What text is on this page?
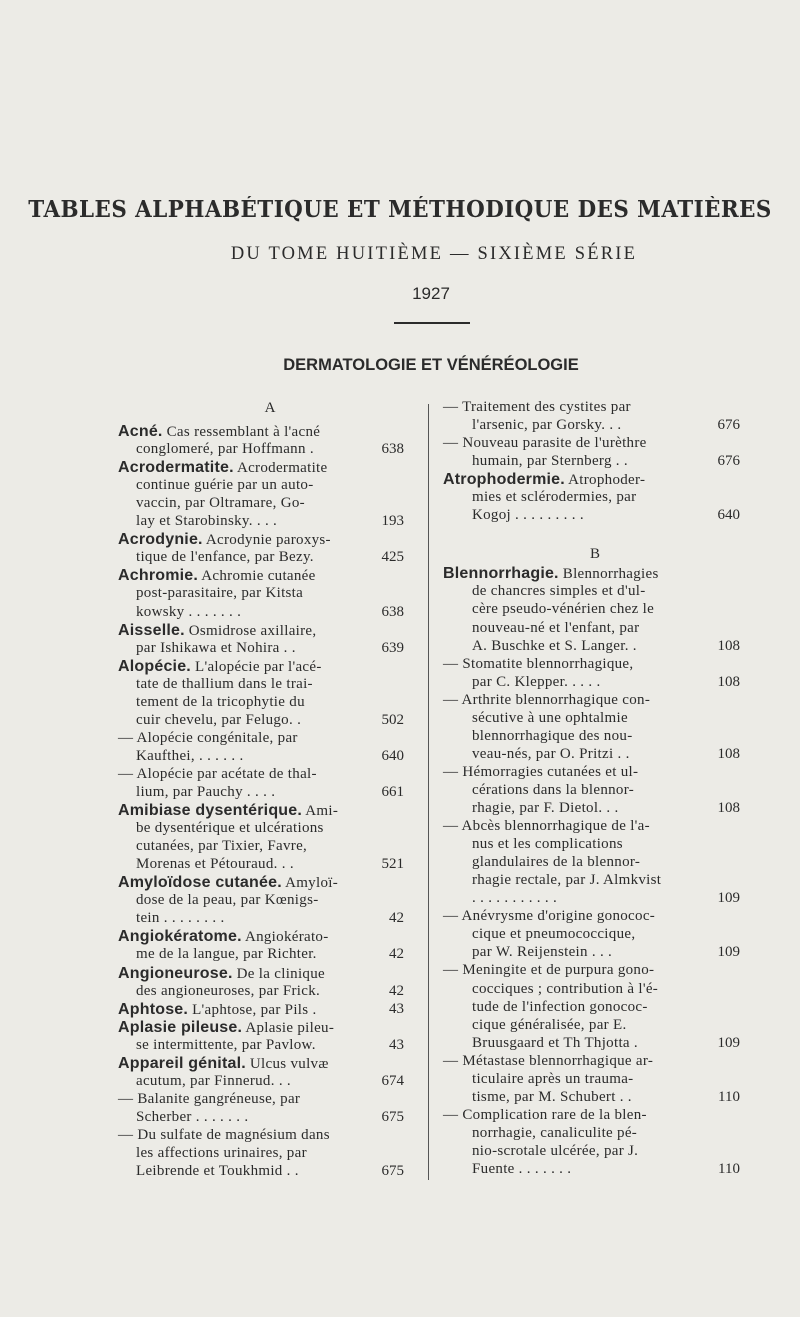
TABLES ALPHABÉTIQUE ET MÉTHODIQUE DES MATIÈRES
DU TOME HUITIÈME — SIXIÈME SÉRIE
1927
DERMATOLOGIE ET VÉNÉRÉOLOGIE
A
B
Acné. Cas ressemblant à l'acné
conglomeré, par Hoffmann .	638
Acrodermatite. Acrodermatite
continue guérie par un auto-
vaccin, par Oltramare, Go-
lay et Starobinsky. . . .	193
Acrodynie. Acrodynie paroxys-
tique de l'enfance, par Bezy.	425
Achromie. Achromie cutanée
post-parasitaire, par Kitsta
kowsky . . . . . . .	638
Aisselle. Osmidrose axillaire,
par Ishikawa et Nohira . .	639
Alopécie. L'alopécie par l'acé-
tate de thallium dans le trai-
tement de la tricophytie du
cuir chevelu, par Felugo. .	502
— Alopécie congénitale, par
Kaufthei, . . . . . .	640
— Alopécie par acétate de thal-
lium, par Pauchy . . . .	661
Amibiase dysentérique. Ami-
be dysentérique et ulcérations
cutanées, par Tixier, Favre,
Morenas et Pétouraud. . .	521
Amyloïdose cutanée. Amyloï-
dose de la peau, par Kœnigs-
tein . . . . . . . .	42
Angiokératome. Angiokérato-
me de la langue, par Richter.	42
Angioneurose. De la clinique
des angioneuroses, par Frick.	42
Aphtose. L'aphtose, par Pils .	43
Aplasie pileuse. Aplasie pileu-
se intermittente, par Pavlow.	43
Appareil génital. Ulcus vulvæ
acutum, par Finnerud. . .	674
— Balanite gangréneuse, par
Scherber . . . . . . .	675
— Du sulfate de magnésium dans
les affections urinaires, par
Leibrende et Toukhmid . .	675
— Traitement des cystites par
l'arsenic, par Gorsky. . .	676
— Nouveau parasite de l'urèthre
humain, par Sternberg . .	676
Atrophodermie. Atrophoder-
mies et sclérodermies, par
Kogoj . . . . . . . . .	640
Blennorrhagie. Blennorrhagies
de chancres simples et d'ul-
cère pseudo-vénérien chez le
nouveau-né et l'enfant, par
A. Buschke et S. Langer. .	108
— Stomatite blennorrhagique,
par C. Klepper. . . . .	108
— Arthrite blennorrhagique con-
sécutive à une ophtalmie
blennorrhagique des nou-
veau-nés, par O. Pritzi . .	108
— Hémorragies cutanées et ul-
cérations dans la blennor-
rhagie, par F. Dietol. . .	108
— Abcès blennorrhagique de l'a-
nus et les complications
glandulaires de la blennor-
rhagie rectale, par J. Almkvist
. . . . . . . . . . .	109
— Anévrysme d'origine gonococ-
cique et pneumococcique,
par W. Reijenstein . . .	109
— Meningite et de purpura gono-
cocciques ; contribution à l'é-
tude de l'infection gonococ-
cique généralisée, par E.
Bruusgaard et Th Thjotta .	109
— Métastase blennorrhagique ar-
ticulaire après un trauma-
tisme, par M. Schubert . .	110
— Complication rare de la blen-
norrhagie, canaliculite pé-
nio-scrotale ulcérée, par J.
Fuente . . . . . . .	110
